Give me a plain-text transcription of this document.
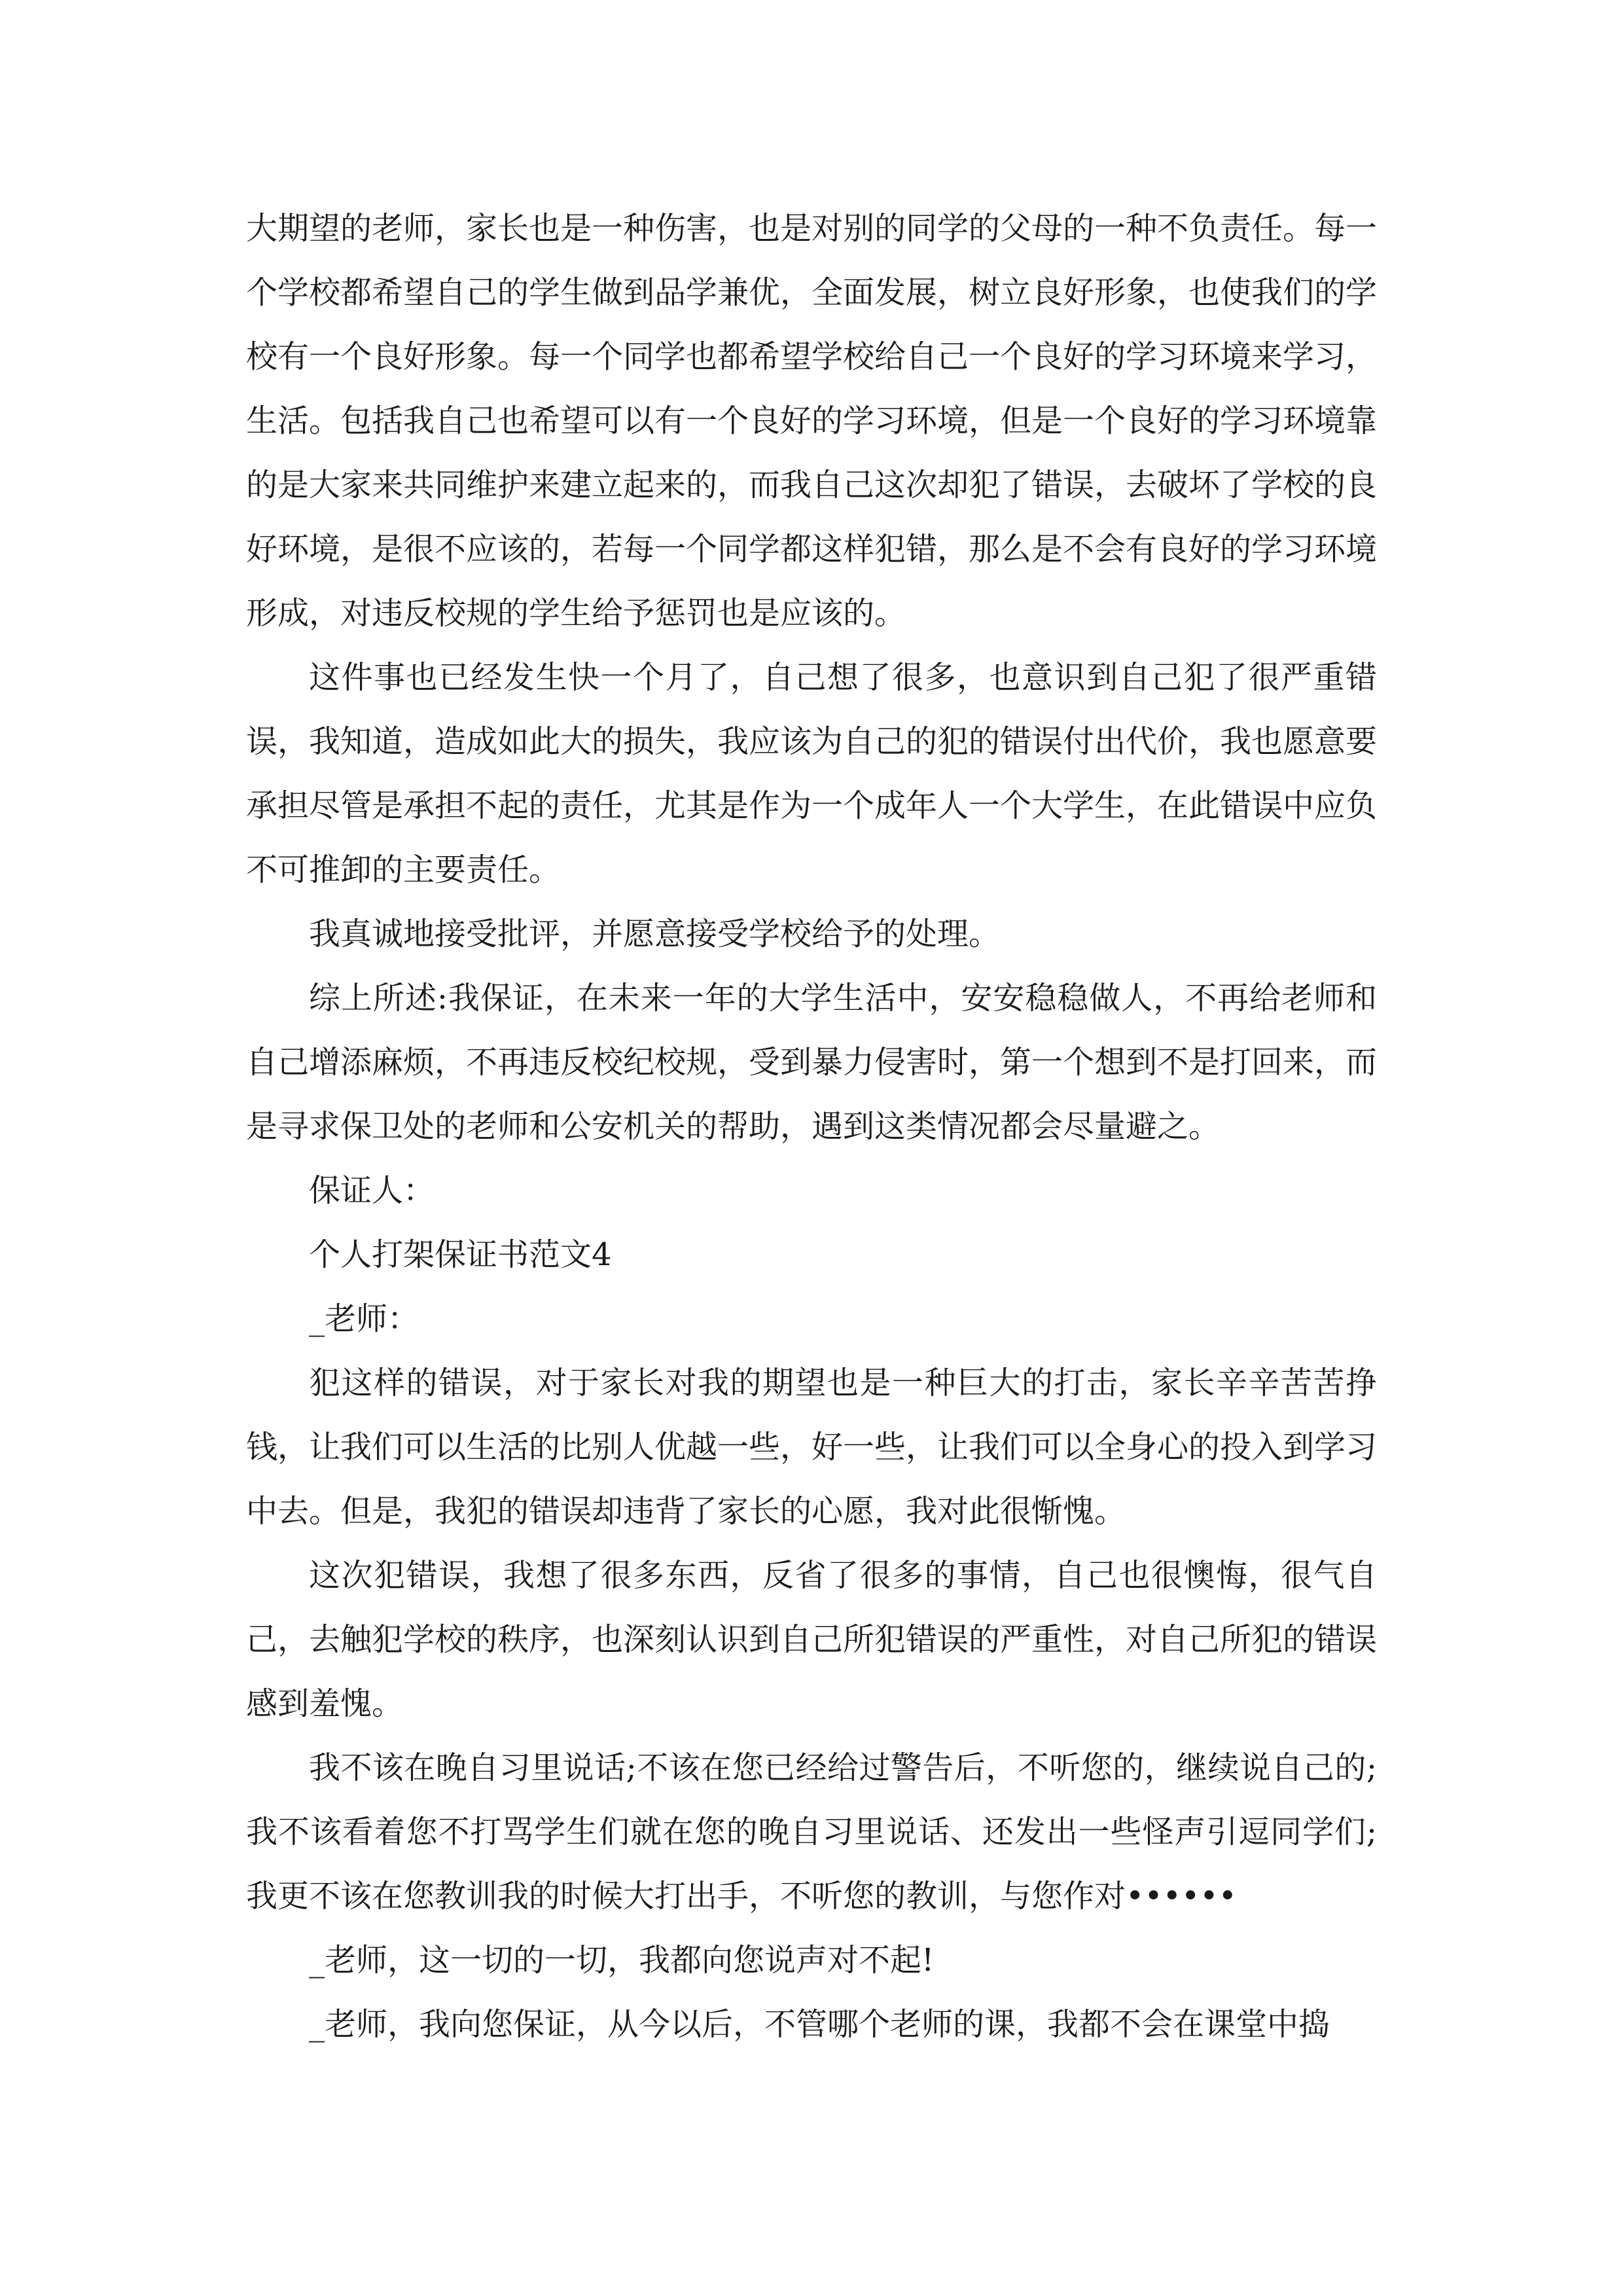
大期望的老师，家长也是一种伤害，也是对别的同学的父母的一种不负责任。每一个学校都希望自己的学生做到品学兼优，全面发展，树立良好形象，也使我们的学校有一个良好形象。每一个同学也都希望学校给自己一个良好的学习环境来学习，生活。包括我自己也希望可以有一个良好的学习环境，但是一个良好的学习环境靠的是大家来共同维护来建立起来的，而我自己这次却犯了错误，去破坏了学校的良好环境，是很不应该的，若每一个同学都这样犯错，那么是不会有良好的学习环境形成，对违反校规的学生给予惩罚也是应该的。

这件事也已经发生快一个月了，自己想了很多，也意识到自己犯了很严重错误，我知道，造成如此大的损失，我应该为自己的犯的错误付出代价，我也愿意要承担尽管是承担不起的责任，尤其是作为一个成年人一个大学生，在此错误中应负不可推卸的主要责任。

我真诚地接受批评，并愿意接受学校给予的处理。

综上所述:我保证，在未来一年的大学生活中，安安稳稳做人，不再给老师和自己增添麻烦，不再违反校纪校规，受到暴力侵害时，第一个想到不是打回来，而是寻求保卫处的老师和公安机关的帮助，遇到这类情况都会尽量避之。

保证人：

个人打架保证书范文4

_老师：

犯这样的错误，对于家长对我的期望也是一种巨大的打击，家长辛辛苦苦挣钱，让我们可以生活的比别人优越一些，好一些，让我们可以全身心的投入到学习中去。但是，我犯的错误却违背了家长的心愿，我对此很惭愧。

这次犯错误，我想了很多东西，反省了很多的事情，自己也很懊悔，很气自己，去触犯学校的秩序，也深刻认识到自己所犯错误的严重性，对自己所犯的错误感到羞愧。

我不该在晚自习里说话;不该在您已经给过警告后，不听您的，继续说自己的;我不该看着您不打骂学生们就在您的晚自习里说话、还发出一些怪声引逗同学们;我更不该在您教训我的时候大打出手，不听您的教训，与您作对••••••

_老师，这一切的一切，我都向您说声对不起!

_老师，我向您保证，从今以后，不管哪个老师的课，我都不会在课堂中捣
